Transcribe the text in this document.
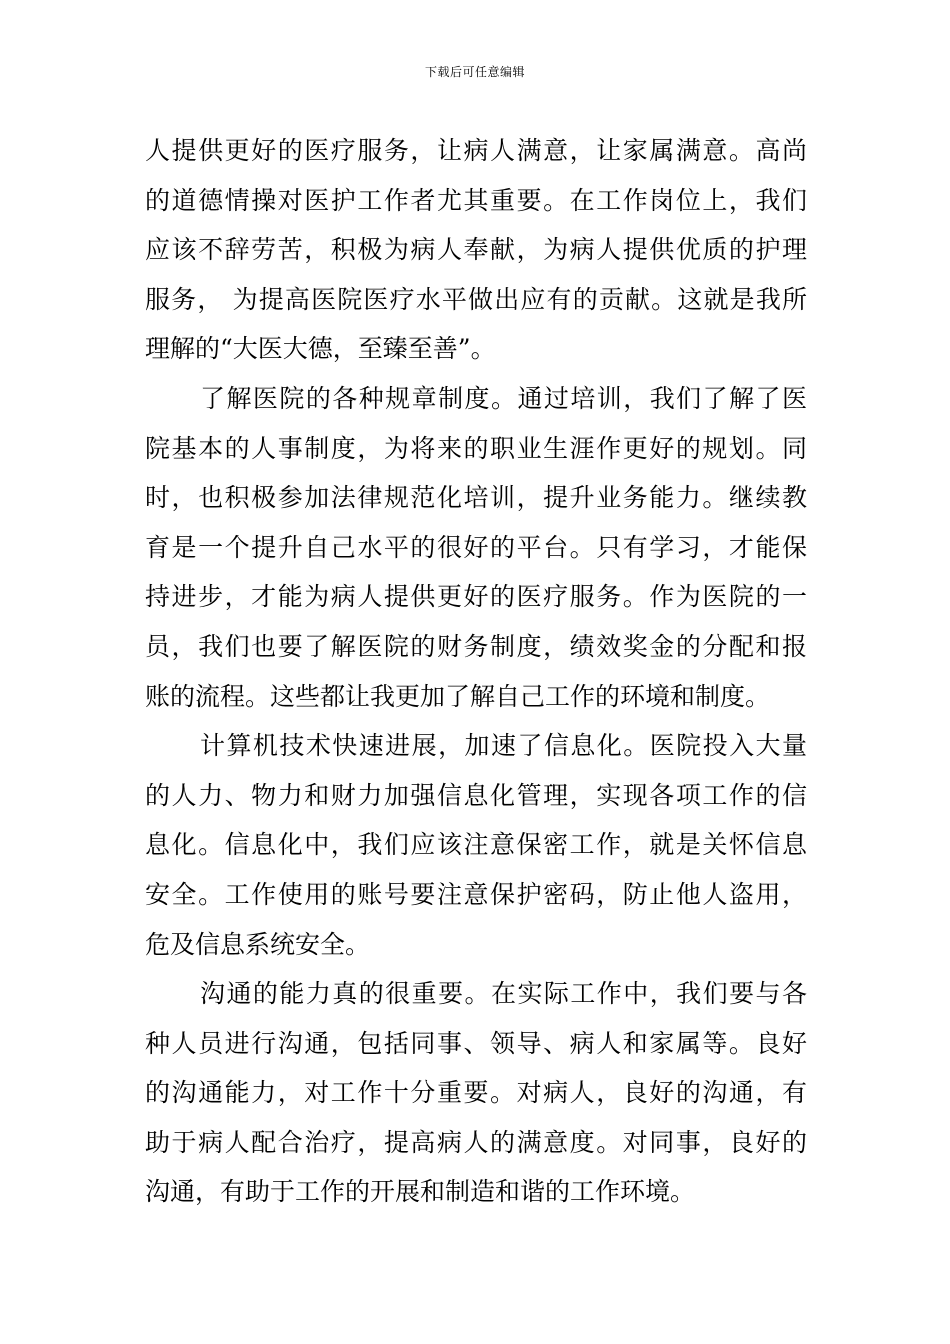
下载后可任意编辑
人提供更好的医疗服务，让病人满意，让家属满意。高尚
的道德情操对医护工作者尤其重要。在工作岗位上，我们
应该不辞劳苦，积极为病人奉献，为病人提供优质的护理
服务， 为提高医院医疗水平做出应有的贡献。这就是我所
理解的“大医大德，至臻至善”。
了解医院的各种规章制度。通过培训，我们了解了医
院基本的人事制度，为将来的职业生涯作更好的规划。同
时，也积极参加法律规范化培训，提升业务能力。继续教
育是一个提升自己水平的很好的平台。只有学习，才能保
持进步，才能为病人提供更好的医疗服务。作为医院的一
员，我们也要了解医院的财务制度，绩效奖金的分配和报
账的流程。这些都让我更加了解自己工作的环境和制度。
计算机技术快速进展，加速了信息化。医院投入大量
的人力、物力和财力加强信息化管理，实现各项工作的信
息化。信息化中，我们应该注意保密工作，就是关怀信息
安全。工作使用的账号要注意保护密码，防止他人盗用，
危及信息系统安全。
沟通的能力真的很重要。在实际工作中，我们要与各
种人员进行沟通，包括同事、领导、病人和家属等。良好
的沟通能力，对工作十分重要。对病人，良好的沟通，有
助于病人配合治疗，提高病人的满意度。对同事，良好的
沟通，有助于工作的开展和制造和谐的工作环境。
